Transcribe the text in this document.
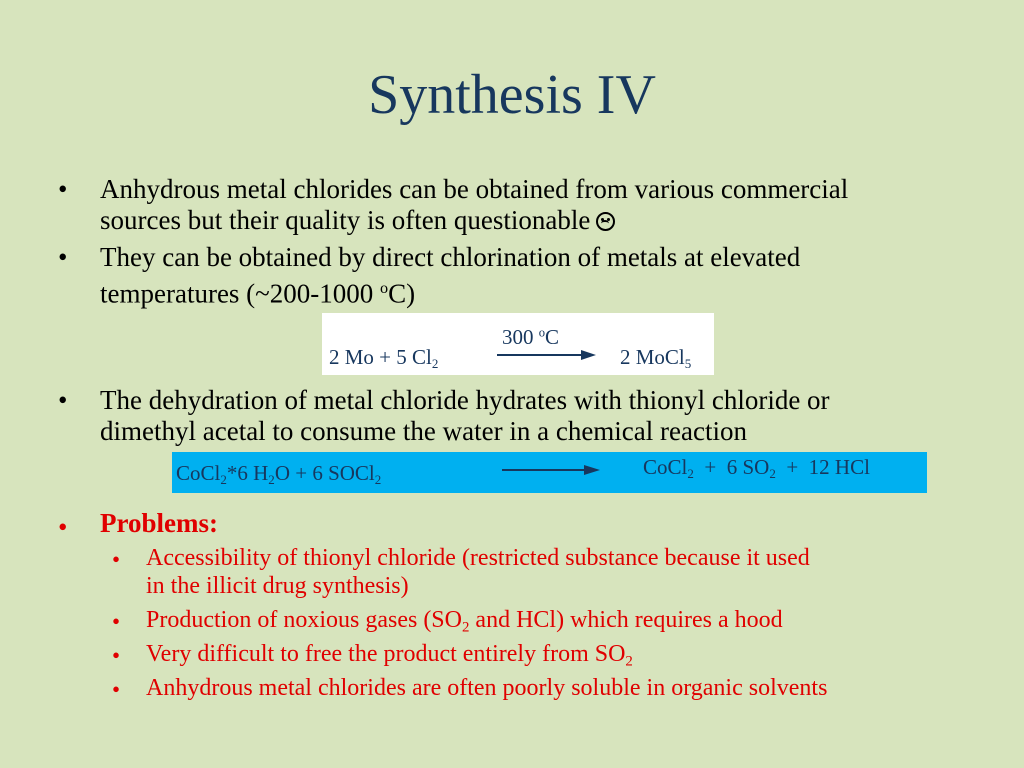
Synthesis IV
• Anhydrous metal chlorides can be obtained from various commercial
sources but their quality is often questionable
• They can be obtained by direct chlorination of metals at elevated
temperatures (~200-1000 $^o$C)
2 Mo + 5 $Cl_2$
300 $^o$C
2 MoCl$_5$
• The dehydration of metal chloride hydrates with thionyl chloride or
dimethyl acetal to consume the water in a chemical reaction
CoCl$_2$*6 $H_2O + 6$ SOCl$_2$
CoCl$_2$  +  6 $SO_2 + 12$ HCl
• Problems:
• Accessibility of thionyl chloride (restricted substance because it used
in the illicit drug synthesis)
• Production of noxious gases ($SO_2$ and HCl) which requires a hood
• Very difficult to free the product entirely from $SO_2$
• Anhydrous metal chlorides are often poorly soluble in organic solvents
